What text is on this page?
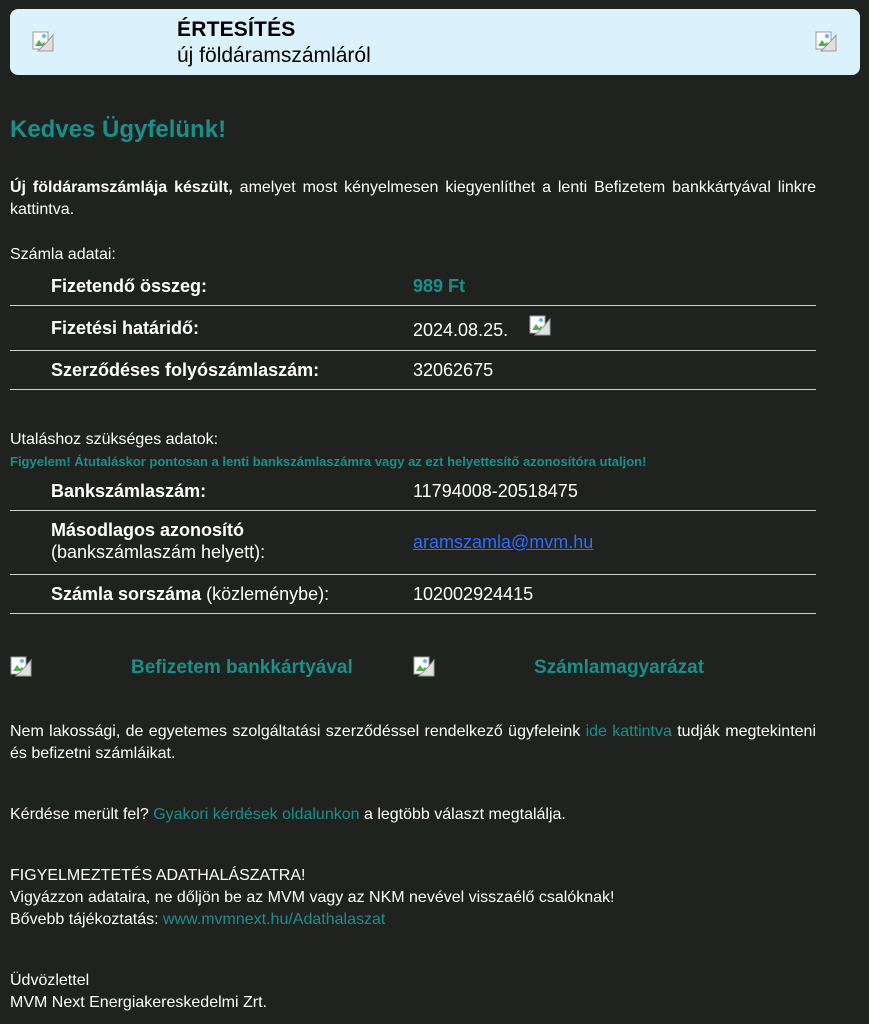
ÉRTESÍTÉS
új földáramszámláról
Kedves Ügyfelünk!
Új földáramszámlája készült, amelyet most kényelmesen kiegyenlíthet a lenti Befizetem bankkártyával linkre kattintva.
Számla adatai:
Fizetendő összeg:	989 Ft
Fizetési határidő:	2024.08.25.
Szerződéses folyószámlaszám:	32062675
Utaláshoz szükséges adatok:
Figyelem! Átutaláskor pontosan a lenti bankszámlaszámra vagy az ezt helyettesítő azonosítóra utaljon!
Bankszámlaszám:	11794008-20518475
Másodlagos azonosító
(bankszámlaszám helyett):	aramszamla@mvm.hu
Számla sorszáma (közleménybe):	102002924415
Befizetem bankkártyával	Számlamagyarázat
Nem lakossági, de egyetemes szolgáltatási szerződéssel rendelkező ügyfeleink ide kattintva tudják megtekinteni és befizetni számláikat.
Kérdése merült fel? Gyakori kérdések oldalunkon a legtöbb választ megtalálja.
FIGYELMEZTETÉS ADATHALÁSZATRA!
Vigyázzon adataira, ne dőljön be az MVM vagy az NKM nevével visszaélő csalóknak!
Bővebb tájékoztatás: www.mvmnext.hu/Adathalaszat
Üdvözlettel
MVM Next Energiakereskedelmi Zrt.
